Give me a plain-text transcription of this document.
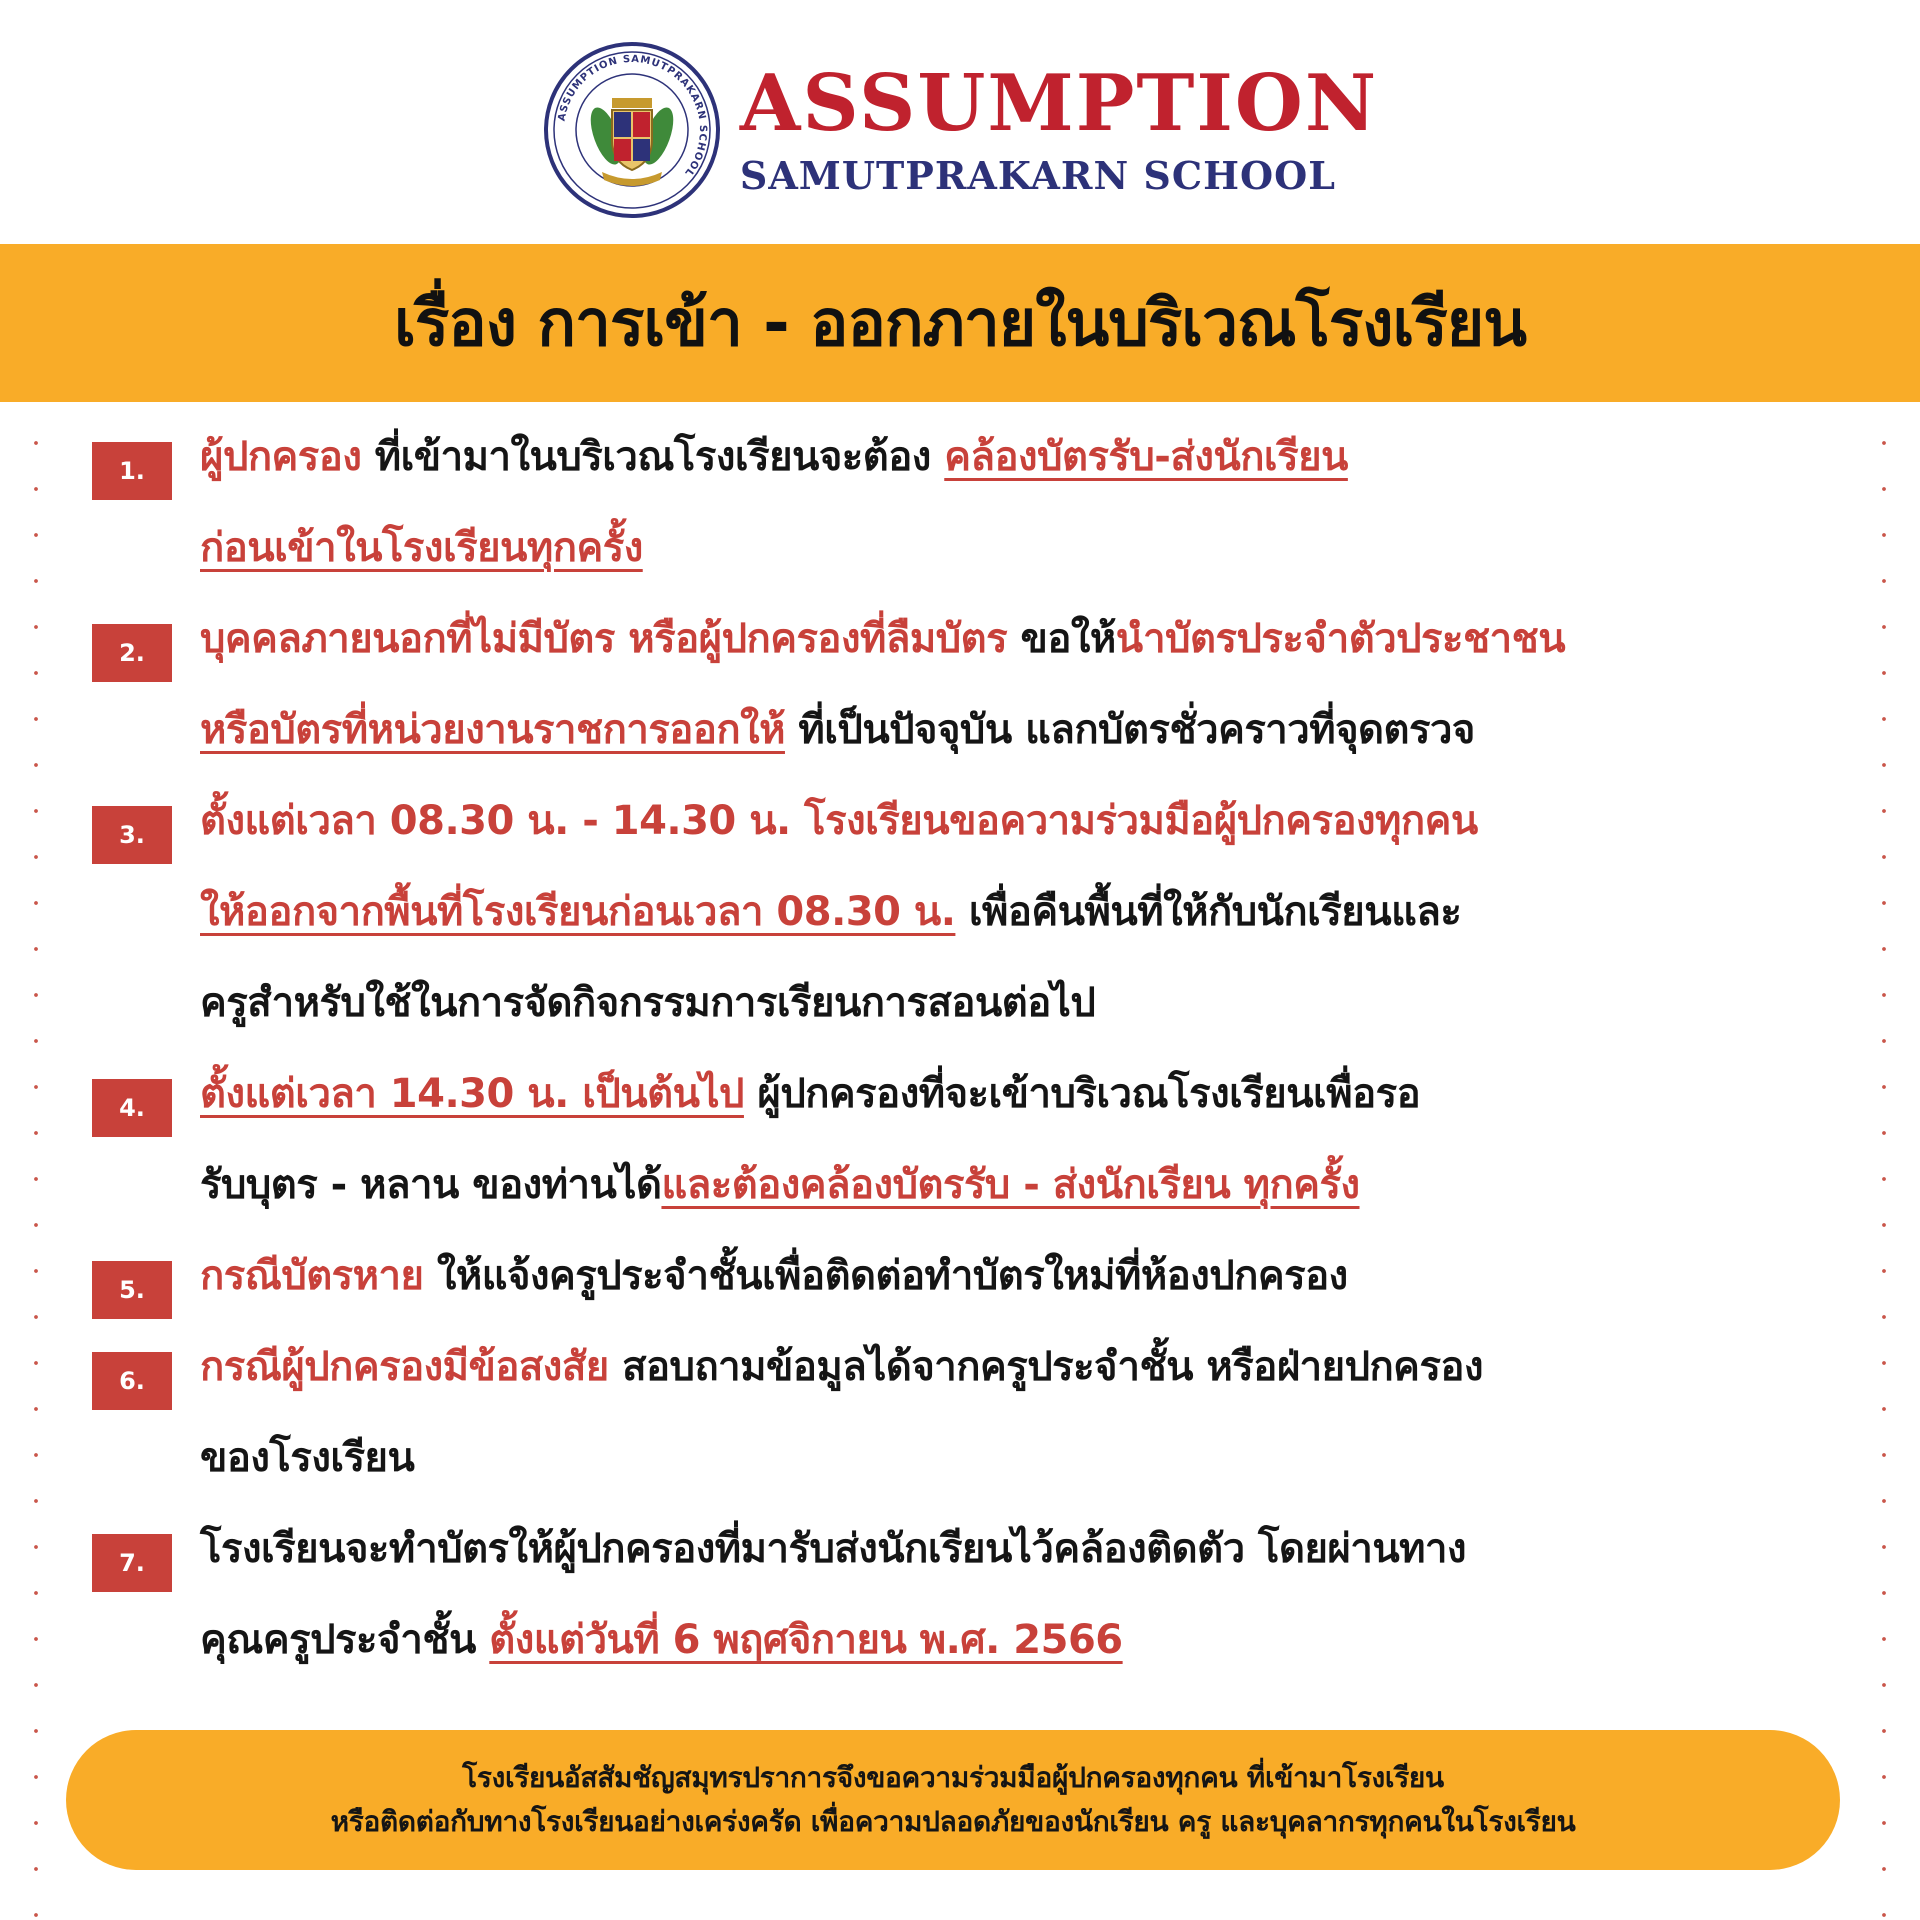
ASSUMPTION SAMUTPRAKARN SCHOOL
ASSUMPTION
SAMUTPRAKARN SCHOOL
เรื่อง การเข้า - ออกภายในบริเวณโรงเรียน
1.	ผู้ปกครอง ที่เข้ามาในบริเวณโรงเรียนจะต้อง คล้องบัตรรับ-ส่งนักเรียน
ก่อนเข้าในโรงเรียนทุกครั้ง
2.	บุคคลภายนอกที่ไม่มีบัตร หรือผู้ปกครองที่ลืมบัตร ขอให้นำบัตรประจำตัวประชาชน
หรือบัตรที่หน่วยงานราชการออกให้ ที่เป็นปัจจุบัน แลกบัตรชั่วคราวที่จุดตรวจ
3.	ตั้งแต่เวลา 08.30 น. - 14.30 น. โรงเรียนขอความร่วมมือผู้ปกครองทุกคน
ให้ออกจากพื้นที่โรงเรียนก่อนเวลา 08.30 น. เพื่อคืนพื้นที่ให้กับนักเรียนและ
ครูสำหรับใช้ในการจัดกิจกรรมการเรียนการสอนต่อไป
4.	ตั้งแต่เวลา 14.30 น. เป็นต้นไป ผู้ปกครองที่จะเข้าบริเวณโรงเรียนเพื่อรอ
รับบุตร - หลาน ของท่านได้และต้องคล้องบัตรรับ - ส่งนักเรียน ทุกครั้ง
5.	กรณีบัตรหาย ให้แจ้งครูประจำชั้นเพื่อติดต่อทำบัตรใหม่ที่ห้องปกครอง
6.	กรณีผู้ปกครองมีข้อสงสัย สอบถามข้อมูลได้จากครูประจำชั้น หรือฝ่ายปกครอง
ของโรงเรียน
7.	โรงเรียนจะทำบัตรให้ผู้ปกครองที่มารับส่งนักเรียนไว้คล้องติดตัว โดยผ่านทาง
คุณครูประจำชั้น ตั้งแต่วันที่ 6 พฤศจิกายน พ.ศ. 2566
โรงเรียนอัสสัมชัญสมุทรปราการจึงขอความร่วมมือผู้ปกครองทุกคน ที่เข้ามาโรงเรียน
หรือติดต่อกับทางโรงเรียนอย่างเคร่งครัด เพื่อความปลอดภัยของนักเรียน ครู และบุคลากรทุกคนในโรงเรียน
